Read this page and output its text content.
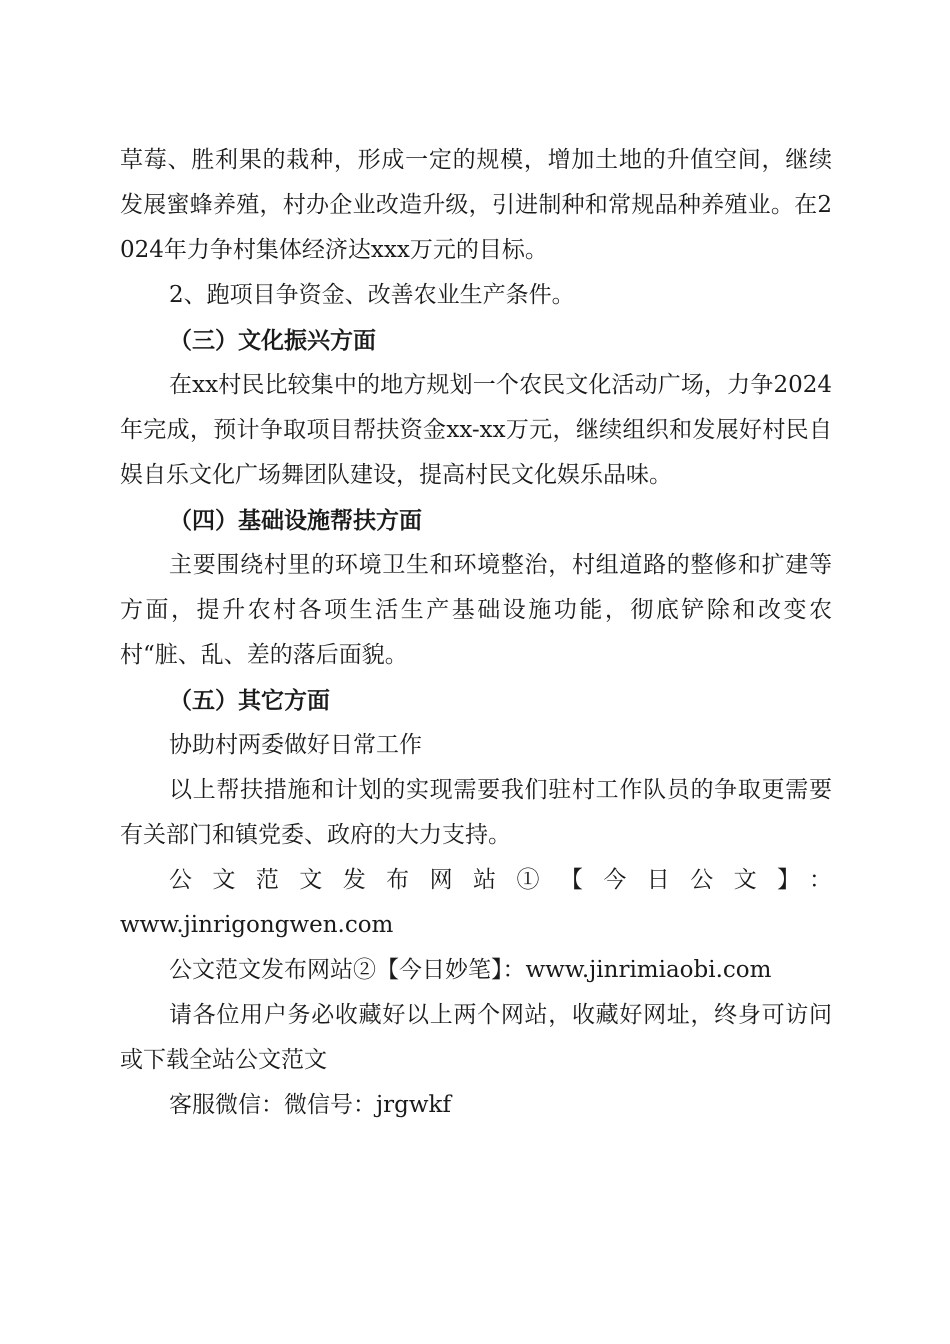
草莓、胜利果的栽种，形成一定的规模，增加土地的升值空间，继续发展蜜蜂养殖，村办企业改造升级，引进制种和常规品种养殖业。在2024年力争村集体经济达xxx万元的目标。

2、跑项目争资金、改善农业生产条件。

（三）文化振兴方面

在xx村民比较集中的地方规划一个农民文化活动广场，力争2024年完成，预计争取项目帮扶资金xx-xx万元，继续组织和发展好村民自娱自乐文化广场舞团队建设，提高村民文化娱乐品味。

（四）基础设施帮扶方面

主要围绕村里的环境卫生和环境整治，村组道路的整修和扩建等方面，提升农村各项生活生产基础设施功能，彻底铲除和改变农村“脏、乱、差的落后面貌。

（五）其它方面

协助村两委做好日常工作

以上帮扶措施和计划的实现需要我们驻村工作队员的争取更需要有关部门和镇党委、政府的大力支持。

公文范文发布网站①【今日公文】：

www.jinrigongwen.com

公文范文发布网站②【今日妙笔】：www.jinrimiaobi.com

请各位用户务必收藏好以上两个网站，收藏好网址，终身可访问或下载全站公文范文

客服微信：微信号：jrgwkf
